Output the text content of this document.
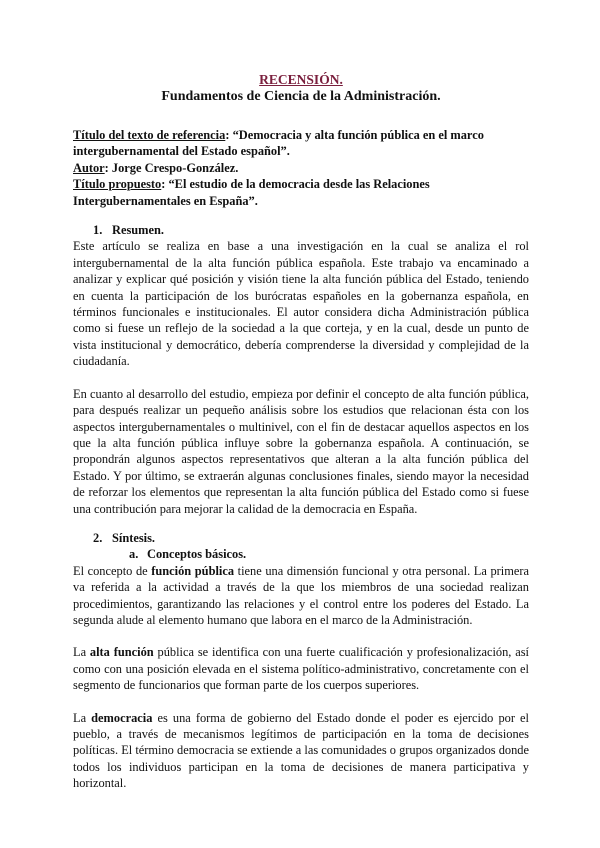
RECENSIÓN.
Fundamentos de Ciencia de la Administración.
Título del texto de referencia: “Democracia y alta función pública en el marco intergubernamental del Estado español”.
Autor: Jorge Crespo-González.
Título propuesto: “El estudio de la democracia desde las Relaciones Intergubernamentales en España”.
1. Resumen.

Este artículo se realiza en base a una investigación en la cual se analiza el rol intergubernamental de la alta función pública española. Este trabajo va encaminado a analizar y explicar qué posición y visión tiene la alta función pública del Estado, teniendo en cuenta la participación de los burócratas españoles en la gobernanza española, en términos funcionales e institucionales. El autor considera dicha Administración pública como si fuese un reflejo de la sociedad a la que corteja, y en la cual, desde un punto de vista institucional y democrático, debería comprenderse la diversidad y complejidad de la ciudadanía.

En cuanto al desarrollo del estudio, empieza por definir el concepto de alta función pública, para después realizar un pequeño análisis sobre los estudios que relacionan ésta con los aspectos intergubernamentales o multinivel, con el fin de destacar aquellos aspectos en los que la alta función pública influye sobre la gobernanza española. A continuación, se propondrán algunos aspectos representativos que alteran a la alta función pública del Estado. Y por último, se extraerán algunas conclusiones finales, siendo mayor la necesidad de reforzar los elementos que representan la alta función pública del Estado como si fuese una contribución para mejorar la calidad de la democracia en España.

2. Síntesis.
a. Conceptos básicos.

El concepto de función pública tiene una dimensión funcional y otra personal. La primera va referida a la actividad a través de la que los miembros de una sociedad realizan procedimientos, garantizando las relaciones y el control entre los poderes del Estado. La segunda alude al elemento humano que labora en el marco de la Administración.

La alta función pública se identifica con una fuerte cualificación y profesionalización, así como con una posición elevada en el sistema político-administrativo, concretamente con el segmento de funcionarios que forman parte de los cuerpos superiores.

La democracia es una forma de gobierno del Estado donde el poder es ejercido por el pueblo, a través de mecanismos legítimos de participación en la toma de decisiones políticas. El término democracia se extiende a las comunidades o grupos organizados donde todos los individuos participan en la toma de decisiones de manera participativa y horizontal.
